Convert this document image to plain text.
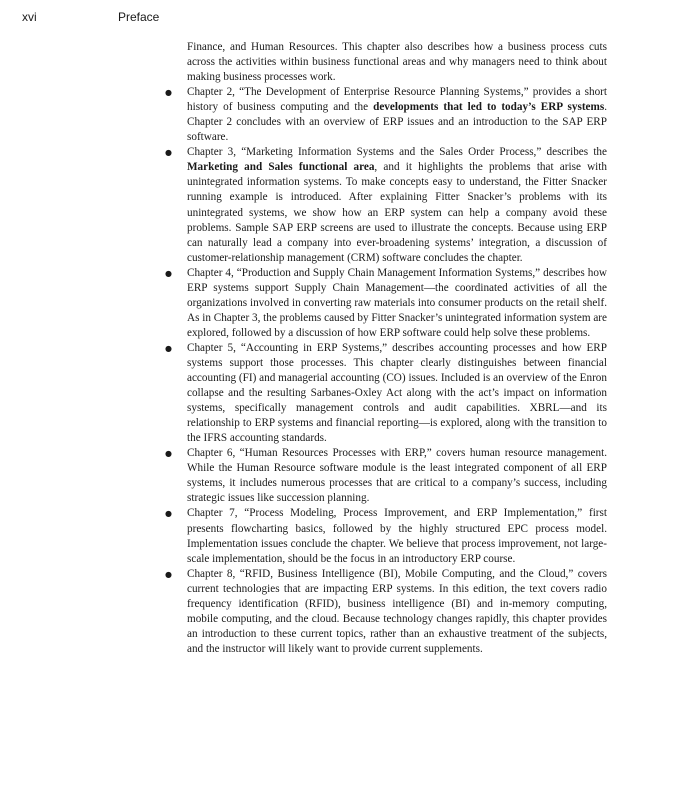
xvi	Preface

Finance, and Human Resources. This chapter also describes how a business process cuts across the activities within business functional areas and why managers need to think about making business processes work.

● Chapter 2, “The Development of Enterprise Resource Planning Systems,” provides a short history of business computing and the developments that led to today’s ERP systems. Chapter 2 concludes with an overview of ERP issues and an introduction to the SAP ERP software.
● Chapter 3, “Marketing Information Systems and the Sales Order Process,” describes the Marketing and Sales functional area, and it highlights the problems that arise with unintegrated information systems. To make concepts easy to understand, the Fitter Snacker running example is introduced. After explaining Fitter Snacker’s problems with its unintegrated systems, we show how an ERP system can help a company avoid these problems. Sample SAP ERP screens are used to illustrate the concepts. Because using ERP can naturally lead a company into ever-broadening systems’ integration, a discussion of customer-relationship management (CRM) software concludes the chapter.
● Chapter 4, “Production and Supply Chain Management Information Systems,” describes how ERP systems support Supply Chain Management—the coordinated activities of all the organizations involved in converting raw materials into consumer products on the retail shelf. As in Chapter 3, the problems caused by Fitter Snacker’s unintegrated information system are explored, followed by a discussion of how ERP software could help solve these problems.
● Chapter 5, “Accounting in ERP Systems,” describes accounting processes and how ERP systems support those processes. This chapter clearly distinguishes between financial accounting (FI) and managerial accounting (CO) issues. Included is an overview of the Enron collapse and the resulting Sarbanes-Oxley Act along with the act’s impact on information systems, specifically management controls and audit capabilities. XBRL—and its relationship to ERP systems and financial reporting—is explored, along with the transition to the IFRS accounting standards.
● Chapter 6, “Human Resources Processes with ERP,” covers human resource management. While the Human Resource software module is the least integrated component of all ERP systems, it includes numerous processes that are critical to a company’s success, including strategic issues like succession planning.
● Chapter 7, “Process Modeling, Process Improvement, and ERP Implementation,” first presents flowcharting basics, followed by the highly structured EPC process model. Implementation issues conclude the chapter. We believe that process improvement, not large-scale implementation, should be the focus in an introductory ERP course.
● Chapter 8, “RFID, Business Intelligence (BI), Mobile Computing, and the Cloud,” covers current technologies that are impacting ERP systems. In this edition, the text covers radio frequency identification (RFID), business intelligence (BI) and in-memory computing, mobile computing, and the cloud. Because technology changes rapidly, this chapter provides an introduction to these current topics, rather than an exhaustive treatment of the subjects, and the instructor will likely want to provide current supplements.
